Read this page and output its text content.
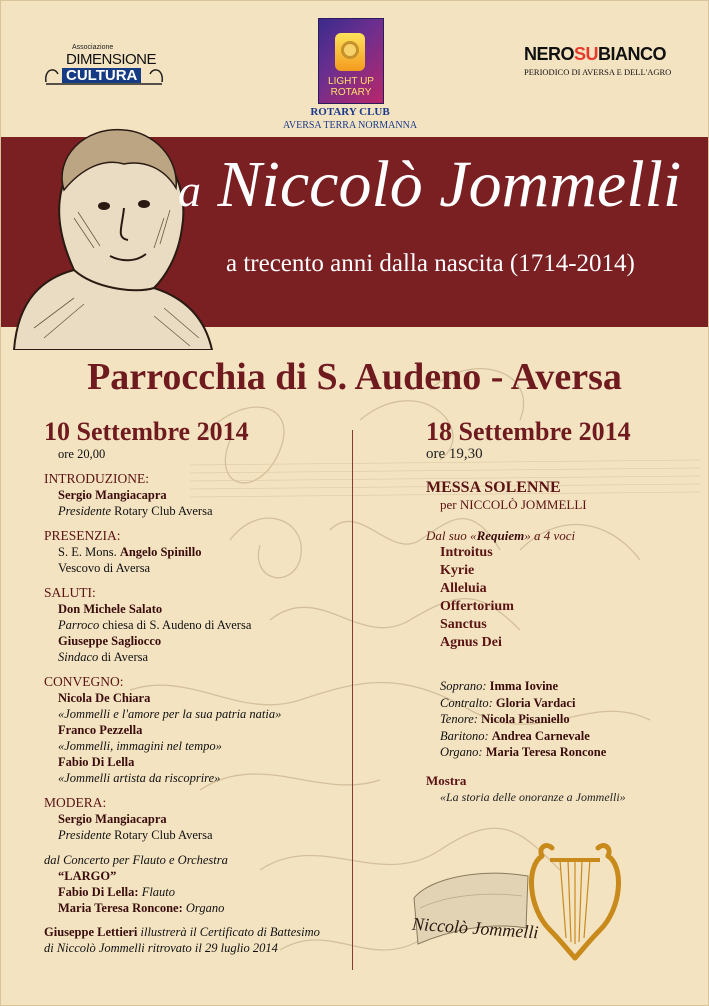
Associazione
DIMENSIONE
CULTURA	LIGHT UP
ROTARY
ROTARY CLUB
AVERSA TERRA NORMANNA
NEROSUBIANCO
PERIODICO DI AVERSA E DELL'AGRO
a Niccolò Jommelli
a trecento anni dalla nascita (1714-2014)
Parrocchia di S. Audeno - Aversa
10 Settembre 2014
ore 20,00
INTRODUZIONE:
Sergio Mangiacapra
Presidente Rotary Club Aversa
PRESENZIA:
S. E. Mons. Angelo Spinillo
Vescovo di Aversa
SALUTI:
Don Michele Salato
Parroco chiesa di S. Audeno di Aversa
Giuseppe Sagliocco
Sindaco di Aversa
CONVEGNO:
Nicola De Chiara
«Jommelli e l'amore per la sua patria natia»
Franco Pezzella
«Jommelli, immagini nel tempo»
Fabio Di Lella
«Jommelli artista da riscoprire»
MODERA:
Sergio Mangiacapra
Presidente Rotary Club Aversa
dal Concerto per Flauto e Orchestra
“LARGO”
Fabio Di Lella: Flauto
Maria Teresa Roncone: Organo
Giuseppe Lettieri illustrerà il Certificato di Battesimo
di Niccolò Jommelli ritrovato il 29 luglio 2014
18 Settembre 2014
ore 19,30
MESSA SOLENNE
per NICCOLÒ JOMMELLI
Dal suo «Requiem» a 4 voci
Introitus
Kyrie
Alleluia
Offertorium
Sanctus
Agnus Dei
Soprano: Imma Iovine
Contralto: Gloria Vardaci
Tenore: Nicola Pisaniello
Baritono: Andrea Carnevale
Organo: Maria Teresa Roncone
Mostra
«La storia delle onoranze a Jommelli»
Niccolò Jommelli
